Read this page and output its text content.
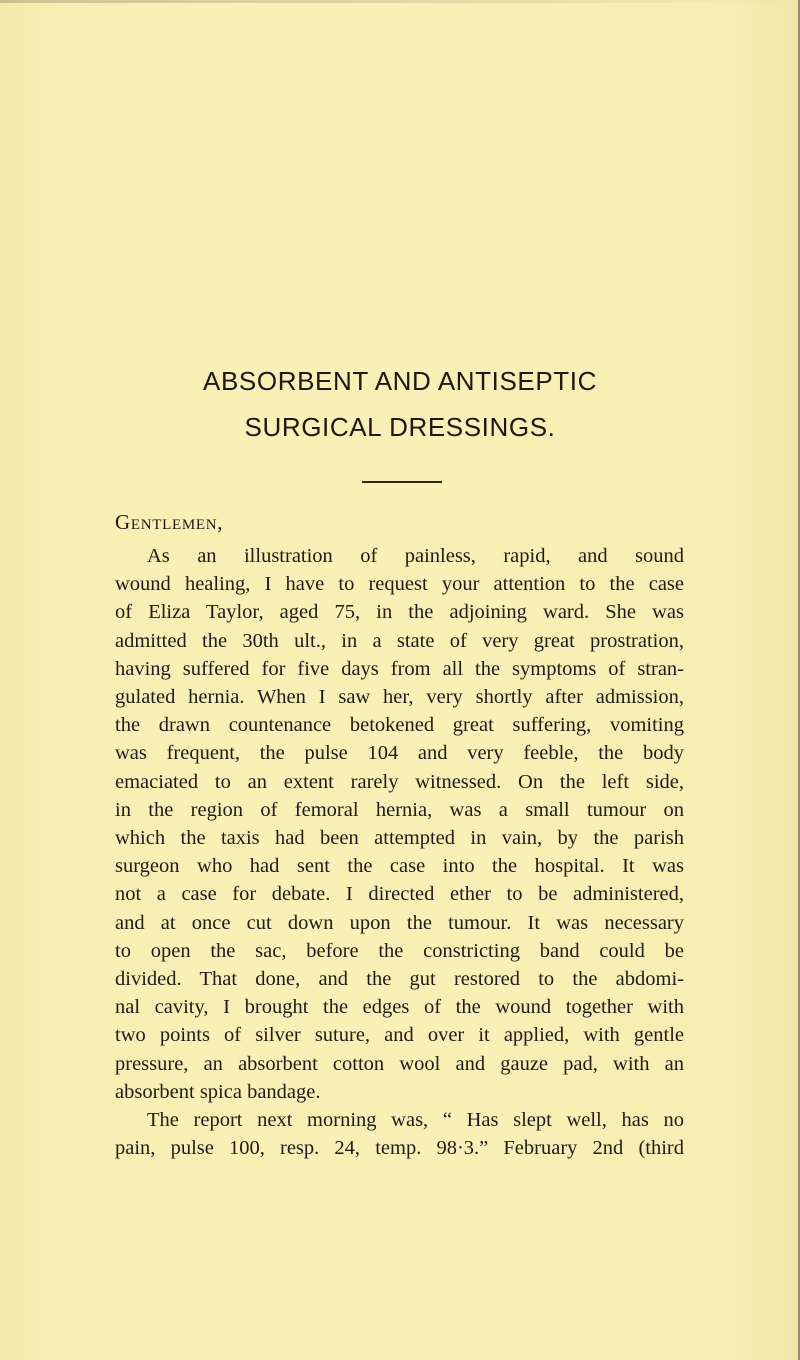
ABSORBENT AND ANTISEPTIC
SURGICAL DRESSINGS.
Gentlemen,
As an illustration of painless, rapid, and sound
wound healing, I have to request your attention to the case
of Eliza Taylor, aged 75, in the adjoining ward. She was
admitted the 30th ult., in a state of very great prostration,
having suffered for five days from all the symptoms of stran-
gulated hernia. When I saw her, very shortly after admission,
the drawn countenance betokened great suffering, vomiting
was frequent, the pulse 104 and very feeble, the body
emaciated to an extent rarely witnessed. On the left side,
in the region of femoral hernia, was a small tumour on
which the taxis had been attempted in vain, by the parish
surgeon who had sent the case into the hospital. It was
not a case for debate. I directed ether to be administered,
and at once cut down upon the tumour. It was necessary
to open the sac, before the constricting band could be
divided. That done, and the gut restored to the abdomi-
nal cavity, I brought the edges of the wound together with
two points of silver suture, and over it applied, with gentle
pressure, an absorbent cotton wool and gauze pad, with an
absorbent spica bandage.
The report next morning was, “ Has slept well, has no
pain, pulse 100, resp. 24, temp. 98·3.” February 2nd (third
